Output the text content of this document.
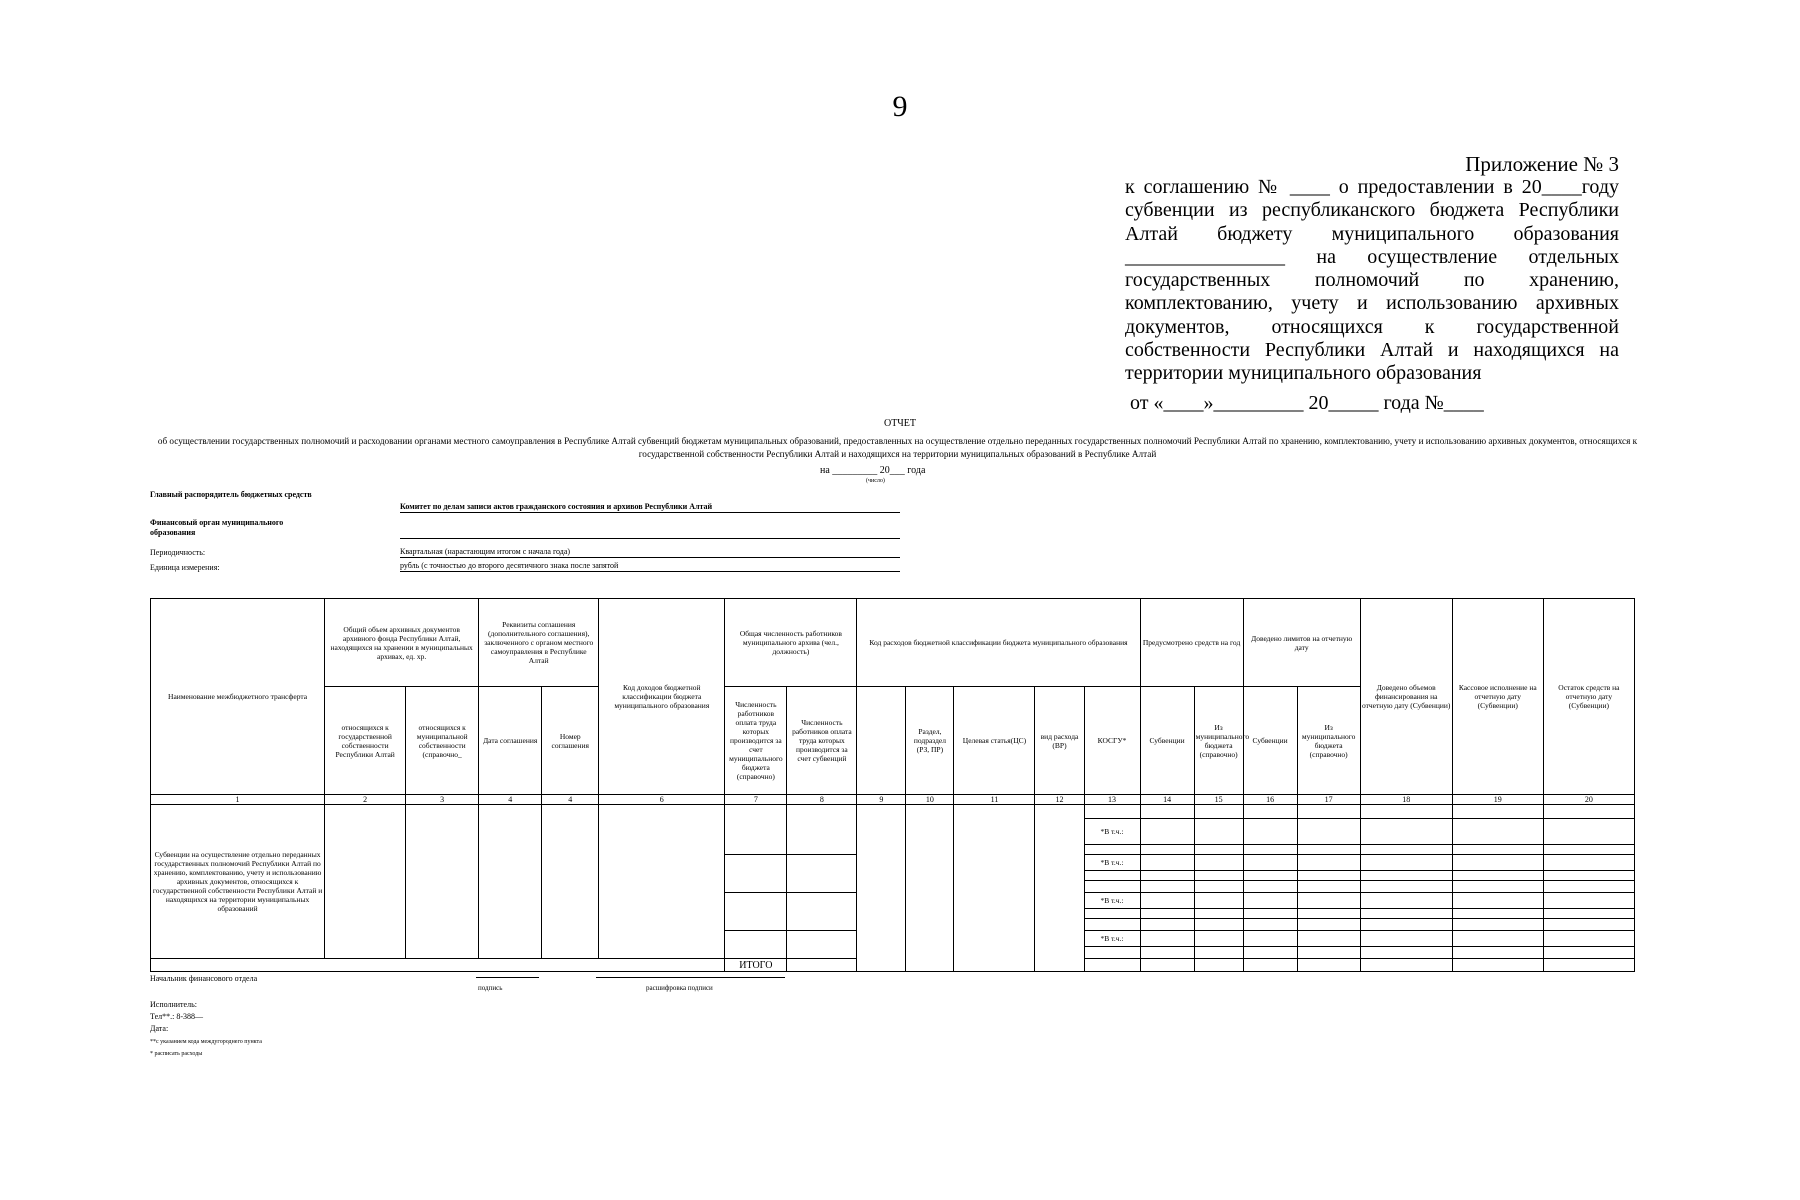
9
Приложение № 3
к соглашению № ____ о предоставлении в 20____году
субвенции из республиканского бюджета Республики
Алтай бюджету муниципального образования
________________ на осуществление отдельных
государственных полномочий по хранению,
комплектованию, учету и использованию архивных
документов, относящихся к государственной
собственности Республики Алтай и находящихся на
территории муниципального образования
от «____»_________ 20_____ года №____
ОТЧЕТ
об осуществлении государственных полномочий и расходовании органами местного самоуправления в Республике Алтай субвенций бюджетам муниципальных образований, предоставленных на осуществление отдельно переданных государственных полномочий Республики Алтай по хранению, комплектованию, учету и использованию архивных документов, относящихся к государственной собственности Республики Алтай и находящихся на территории муниципальных образований в Республике Алтай
на _________ 20___ года
(число)
Главный распорядитель бюджетных средств
Комитет по делам записи актов гражданского состояния и архивов Республики Алтай
Финансовый орган муниципального образования
Периодичность:	Квартальная (нарастающим итогом с начала года)
Единица измерения:	рубль (с точностью до второго десятичного знака после запятой
Наименование межбюджетного трансферта	Общий объем архивных документов архивного фонда Республики Алтай, находящихся на хранении в муниципальных архивах, ед. хр.		Реквизиты соглашения (дополнительного соглашения), заключенного с органом местного самоуправления в Республике Алтай		Код доходов бюджетной классификации бюджета муниципального образования	Общая численность работников муниципального архива (чел., должность)		Код расходов бюджетной классификации бюджета муниципального образования					Предусмотрено средств на год		Доведено лимитов на отчетную дату		Доведено объемов финансирования на отчетную дату (Субвенции)	Кассовое исполнение на отчетную дату (Субвенции)	Остаток средств на отчетную дату (Субвенции)
	относящихся к государственной собственности Республики Алтай	относящихся к муниципальной собственности (справочно_	Дата соглашения	Номер соглашения		Численность работников оплата труда которых производится за счет муниципального бюджета (справочно)	Численность работников оплата труда которых производится за счет субвенций		Раздел, подраздел (РЗ, ПР)	Целевая статья(ЦС)	вид расхода (ВР)	КОСГУ*	Субвенции	Из муниципального бюджета (справочно)	Субвенции	Из муниципального бюджета (справочно)			
1	2	3	4	4	6	7	8	9	10	11	12	13	14	15	16	17	18	19	20
Субвенции на осуществление отдельно переданных государственных полномочий Республики Алтай по хранению, комплектованию, учету и использованию архивных документов, относящихся к государственной собственности Республики Алтай и находящихся на территории муниципальных образований																			
												*В т.ч.:							

												*В т.ч.:							

												*В т.ч.:							

												*В т.ч.:							

						ИТОГО													
Начальник финансового отдела
подпись	расшифровка подписи
Исполнитель:
Тел**.: 8-388—
Дата:
**с указанием кода междугороднего пункта
* расписать расходы
